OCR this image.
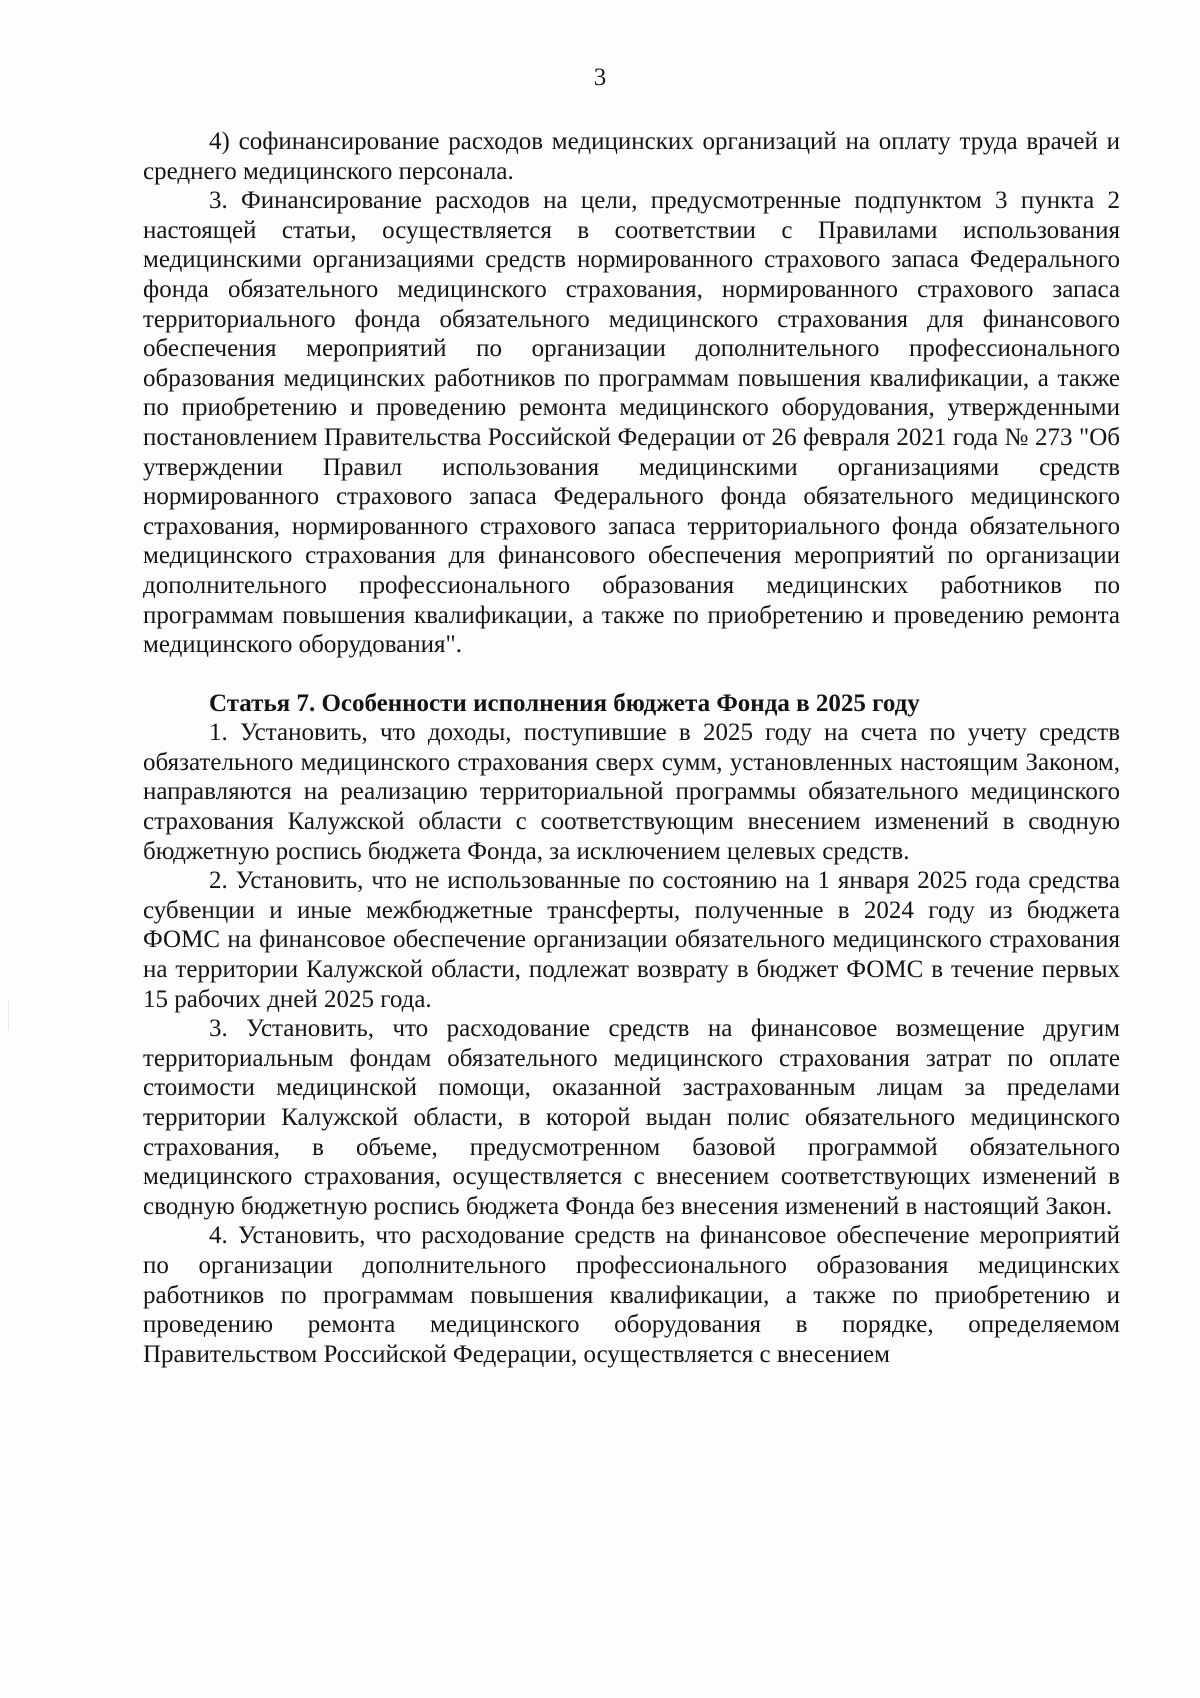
3

4) софинансирование расходов медицинских организаций на оплату труда врачей и среднего медицинского персонала.

3. Финансирование расходов на цели, предусмотренные подпунктом 3 пункта 2 настоящей статьи, осуществляется в соответствии с Правилами использования медицинскими организациями средств нормированного страхового запаса Федерального фонда обязательного медицинского страхования, нормированного страхового запаса территориального фонда обязательного медицинского страхования для финансового обеспечения мероприятий по организации дополнительного профессионального образования медицинских работников по программам повышения квалификации, а также по приобретению и проведению ремонта медицинского оборудования, утвержденными постановлением Правительства Российской Федерации от 26 февраля 2021 года № 273 "Об утверждении Правил использования медицинскими организациями средств нормированного страхового запаса Федерального фонда обязательного медицинского страхования, нормированного страхового запаса территориального фонда обязательного медицинского страхования для финансового обеспечения мероприятий по организации дополнительного профессионального образования медицинских работников по программам повышения квалификации, а также по приобретению и проведению ремонта медицинского оборудования".

Статья 7. Особенности исполнения бюджета Фонда в 2025 году

1. Установить, что доходы, поступившие в 2025 году на счета по учету средств обязательного медицинского страхования сверх сумм, установленных настоящим Законом, направляются на реализацию территориальной программы обязательного медицинского страхования Калужской области с соответствующим внесением изменений в сводную бюджетную роспись бюджета Фонда, за исключением целевых средств.

2. Установить, что не использованные по состоянию на 1 января 2025 года средства субвенции и иные межбюджетные трансферты, полученные в 2024 году из бюджета ФОМС на финансовое обеспечение организации обязательного медицинского страхования на территории Калужской области, подлежат возврату в бюджет ФОМС в течение первых 15 рабочих дней 2025 года.

3. Установить, что расходование средств на финансовое возмещение другим территориальным фондам обязательного медицинского страхования затрат по оплате стоимости медицинской помощи, оказанной застрахованным лицам за пределами территории Калужской области, в которой выдан полис обязательного медицинского страхования, в объеме, предусмотренном базовой программой обязательного медицинского страхования, осуществляется с внесением соответствующих изменений в сводную бюджетную роспись бюджета Фонда без внесения изменений в настоящий Закон.

4. Установить, что расходование средств на финансовое обеспечение мероприятий по организации дополнительного профессионального образования медицинских работников по программам повышения квалификации, а также по приобретению и проведению ремонта медицинского оборудования в порядке, определяемом Правительством Российской Федерации, осуществляется с внесением
